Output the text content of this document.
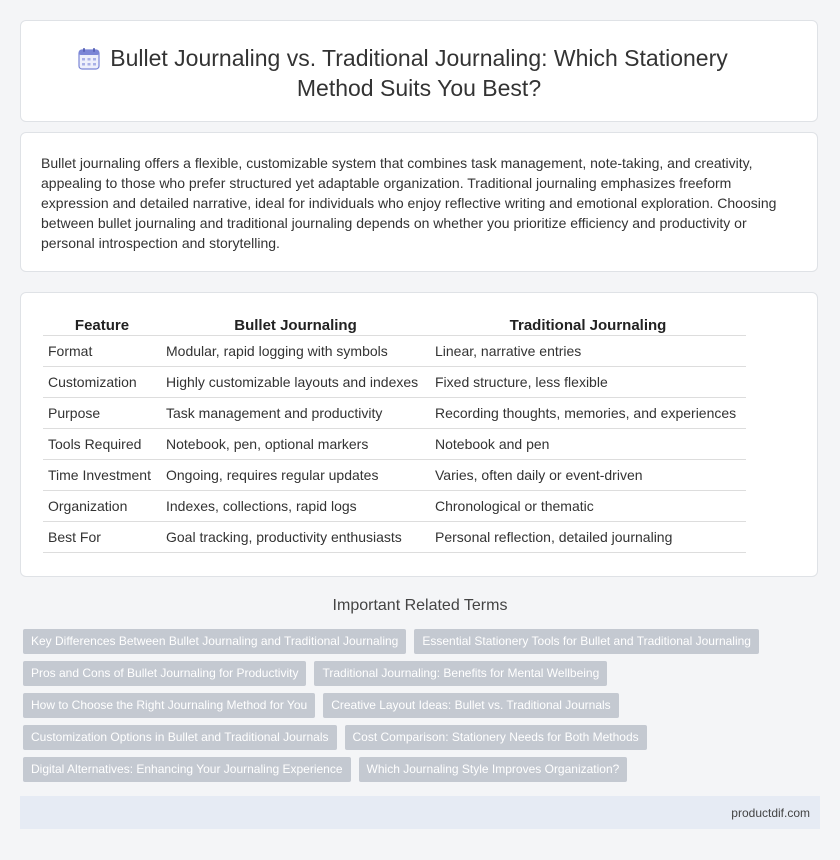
Bullet Journaling vs. Traditional Journaling: Which Stationery Method Suits You Best?

Bullet journaling offers a flexible, customizable system that combines task management, note-taking, and creativity, appealing to those who prefer structured yet adaptable organization. Traditional journaling emphasizes freeform expression and detailed narrative, ideal for individuals who enjoy reflective writing and emotional exploration. Choosing between bullet journaling and traditional journaling depends on whether you prioritize efficiency and productivity or personal introspection and storytelling.

Feature	Bullet Journaling	Traditional Journaling
Format	Modular, rapid logging with symbols	Linear, narrative entries
Customization	Highly customizable layouts and indexes	Fixed structure, less flexible
Purpose	Task management and productivity	Recording thoughts, memories, and experiences
Tools Required	Notebook, pen, optional markers	Notebook and pen
Time Investment	Ongoing, requires regular updates	Varies, often daily or event-driven
Organization	Indexes, collections, rapid logs	Chronological or thematic
Best For	Goal tracking, productivity enthusiasts	Personal reflection, detailed journaling
Important Related Terms
Key Differences Between Bullet Journaling and Traditional Journaling Essential Stationery Tools for Bullet and Traditional Journaling
Pros and Cons of Bullet Journaling for Productivity Traditional Journaling: Benefits for Mental Wellbeing
How to Choose the Right Journaling Method for You Creative Layout Ideas: Bullet vs. Traditional Journals
Customization Options in Bullet and Traditional Journals Cost Comparison: Stationery Needs for Both Methods
Digital Alternatives: Enhancing Your Journaling Experience Which Journaling Style Improves Organization?
productdif.com
